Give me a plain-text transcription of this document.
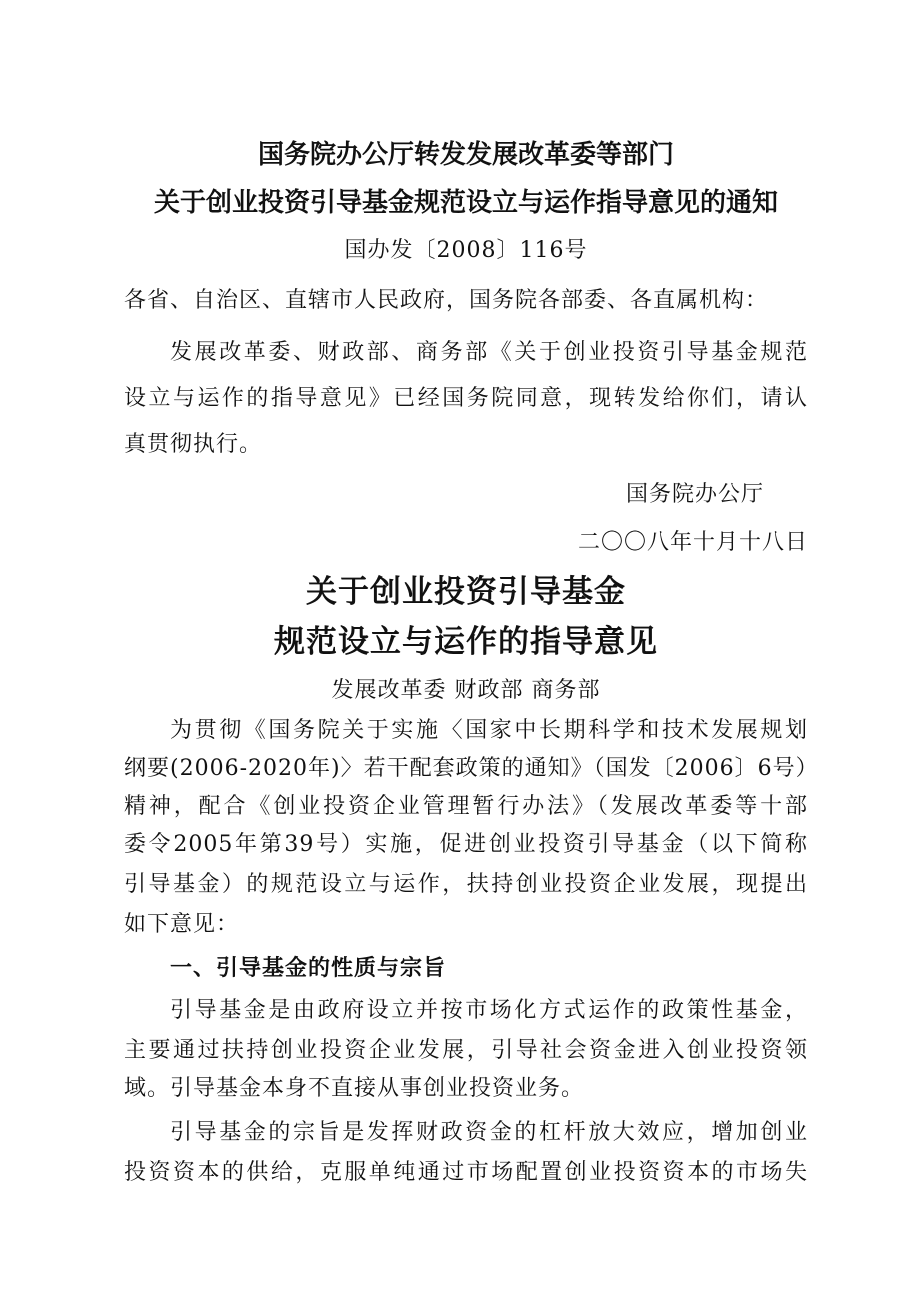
国务院办公厅转发发展改革委等部门
关于创业投资引导基金规范设立与运作指导意见的通知
国办发〔2008〕116号
各省、自治区、直辖市人民政府，国务院各部委、各直属机构：
发展改革委、财政部、商务部《关于创业投资引导基金规范
设立与运作的指导意见》已经国务院同意，现转发给你们，请认
真贯彻执行。
国务院办公厅
二〇〇八年十月十八日
关于创业投资引导基金
规范设立与运作的指导意见
发展改革委 财政部 商务部
为贯彻《国务院关于实施〈国家中长期科学和技术发展规划
纲要(2006-2020年)〉若干配套政策的通知》（国发〔2006〕6号）
精神，配合《创业投资企业管理暂行办法》（发展改革委等十部
委令2005年第39号）实施，促进创业投资引导基金（以下简称
引导基金）的规范设立与运作，扶持创业投资企业发展，现提出
如下意见：
一、引导基金的性质与宗旨
引导基金是由政府设立并按市场化方式运作的政策性基金，
主要通过扶持创业投资企业发展，引导社会资金进入创业投资领
域。引导基金本身不直接从事创业投资业务。
引导基金的宗旨是发挥财政资金的杠杆放大效应，增加创业
投资资本的供给，克服单纯通过市场配置创业投资资本的市场失
